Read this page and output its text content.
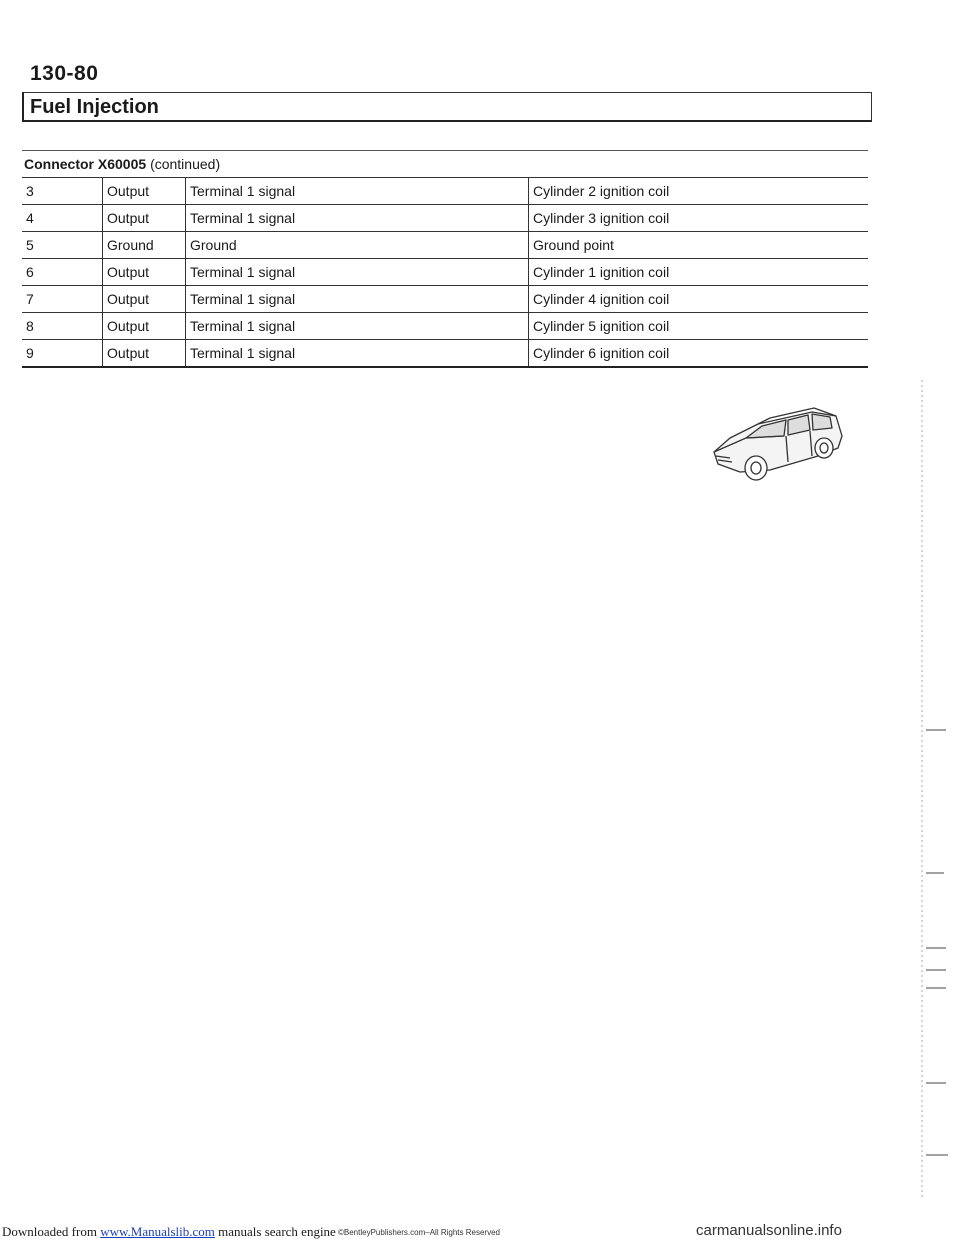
130-80
Fuel Injection
Connector X60005 (continued)
3	Output	Terminal 1 signal	Cylinder 2 ignition coil
4	Output	Terminal 1 signal	Cylinder 3 ignition coil
5	Ground	Ground	Ground point
6	Output	Terminal 1 signal	Cylinder 1 ignition coil
7	Output	Terminal 1 signal	Cylinder 4 ignition coil
8	Output	Terminal 1 signal	Cylinder 5 ignition coil
9	Output	Terminal 1 signal	Cylinder 6 ignition coil
Downloaded from www.Manualslib.com manuals search engine ©BentleyPublishers.com–All Rights Reserved	carmanualsonline.info
